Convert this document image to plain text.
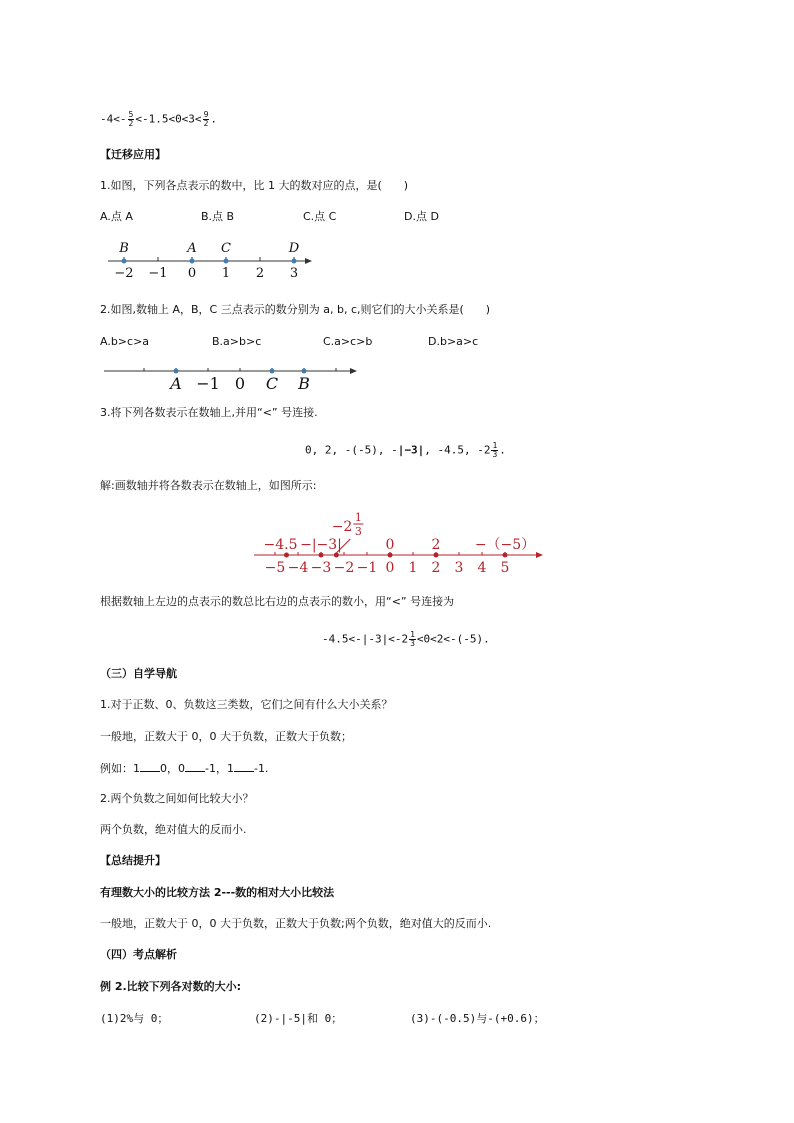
$-4<- \frac{5}{2} <-1.5<0<3< \frac{9}{2}$ .
【迁移应用】
1.如图，下列各点表示的数中，比 1 大的数对应的点，是(　　)
A.点 A	B.点 B	C.点 C	D.点 D
−2 −1 0 1 2 3
B	A C	D
2.如图,数轴上 A，B，C 三点表示的数分别为 a, b, c,则它们的大小关系是(　　)
A.b>c>a	B.a>b>c	C.a>c>b	D.b>a>c
A −1 0 C B
3.将下列各数表示在数轴上,并用“<” 号连接.
0, 2, -(-5), -|−3|, -4.5, $-2 \frac{1}{3}$ .
解:画数轴并将各数表示在数轴上，如图所示:
−5 −4 −3 −2 −1 0 1 2 3 4 5
−4.5 −|−3|
−2
1
3
0	2 −（−5）
根据数轴上左边的点表示的数总比右边的点表示的数小，用“<” 号连接为
$-4.5<-|-3|<-2 \frac{1}{3} <0<2<-(-5)$.
（三）自学导航
1.对于正数、0、负数这三类数，它们之间有什么大小关系？
一般地，正数大于 0，0 大于负数，正数大于负数；
例如：1 0，0 -1，1 -1.
2.两个负数之间如何比较大小？
两个负数，绝对值大的反而小.
【总结提升】
有理数大小的比较方法 2---数的相对大小比较法
一般地，正数大于 0，0 大于负数，正数大于负数;两个负数，绝对值大的反而小.
（四）考点解析
例 2.比较下列各对数的大小:
(1)2%与 0；	(2)-|-5|和 0；	(3)-(-0.5)与-(+0.6)；
